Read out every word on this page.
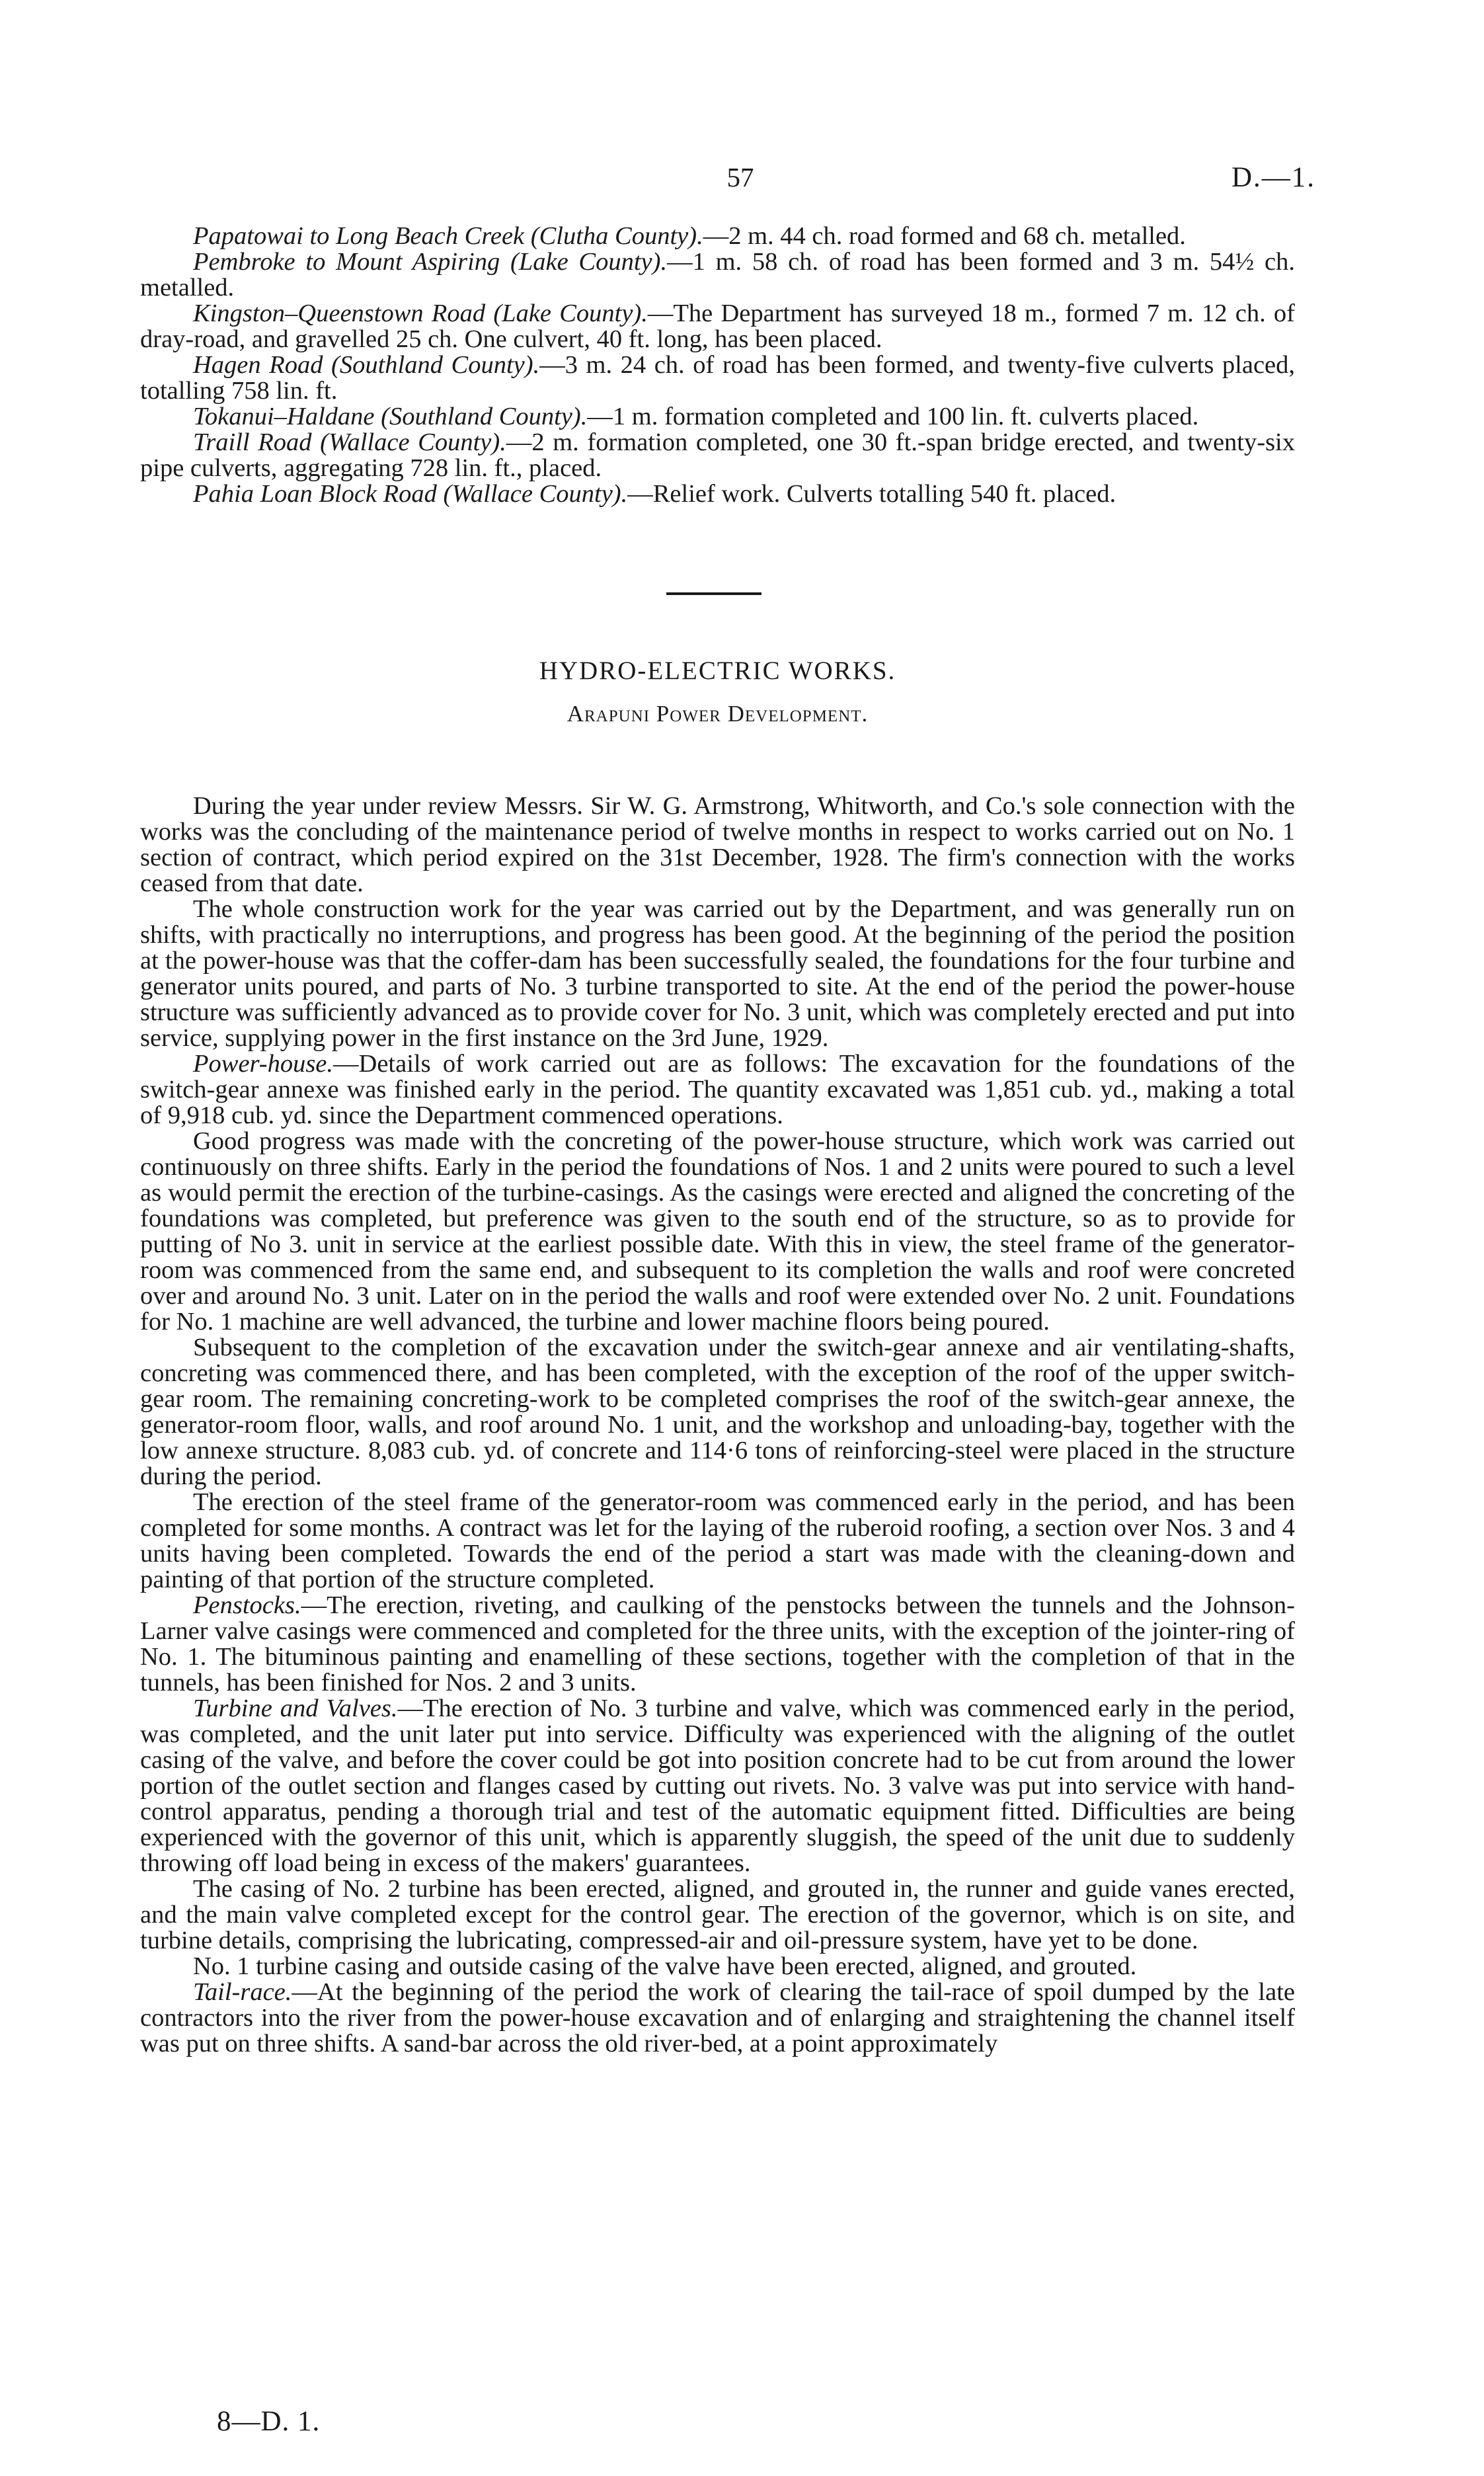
57	D.—1.

Papatowai to Long Beach Creek (Clutha County).—2 m. 44 ch. road formed and 68 ch. metalled.

Pembroke to Mount Aspiring (Lake County).—1 m. 58 ch. of road has been formed and 3 m. 54½ ch. metalled.

Kingston–Queenstown Road (Lake County).—The Department has surveyed 18 m., formed 7 m. 12 ch. of dray-road, and gravelled 25 ch. One culvert, 40 ft. long, has been placed.

Hagen Road (Southland County).—3 m. 24 ch. of road has been formed, and twenty-five culverts placed, totalling 758 lin. ft.

Tokanui–Haldane (Southland County).—1 m. formation completed and 100 lin. ft. culverts placed.

Traill Road (Wallace County).—2 m. formation completed, one 30 ft.-span bridge erected, and twenty-six pipe culverts, aggregating 728 lin. ft., placed.

Pahia Loan Block Road (Wallace County).—Relief work. Culverts totalling 540 ft. placed.

HYDRO-ELECTRIC WORKS.
Arapuni Power Development.

During the year under review Messrs. Sir W. G. Armstrong, Whitworth, and Co.'s sole connection with the works was the concluding of the maintenance period of twelve months in respect to works carried out on No. 1 section of contract, which period expired on the 31st December, 1928. The firm's connection with the works ceased from that date.

The whole construction work for the year was carried out by the Department, and was generally run on shifts, with practically no interruptions, and progress has been good. At the beginning of the period the position at the power-house was that the coffer-dam has been successfully sealed, the foundations for the four turbine and generator units poured, and parts of No. 3 turbine transported to site. At the end of the period the power-house structure was sufficiently advanced as to provide cover for No. 3 unit, which was completely erected and put into service, supplying power in the first instance on the 3rd June, 1929.

Power-house.—Details of work carried out are as follows: The excavation for the foundations of the switch-gear annexe was finished early in the period. The quantity excavated was 1,851 cub. yd., making a total of 9,918 cub. yd. since the Department commenced operations.

Good progress was made with the concreting of the power-house structure, which work was carried out continuously on three shifts. Early in the period the foundations of Nos. 1 and 2 units were poured to such a level as would permit the erection of the turbine-casings. As the casings were erected and aligned the concreting of the foundations was completed, but preference was given to the south end of the structure, so as to provide for putting of No 3. unit in service at the earliest possible date. With this in view, the steel frame of the generator-room was commenced from the same end, and subsequent to its completion the walls and roof were concreted over and around No. 3 unit. Later on in the period the walls and roof were extended over No. 2 unit. Foundations for No. 1 machine are well advanced, the turbine and lower machine floors being poured.

Subsequent to the completion of the excavation under the switch-gear annexe and air ventilating-shafts, concreting was commenced there, and has been completed, with the exception of the roof of the upper switch-gear room. The remaining concreting-work to be completed comprises the roof of the switch-gear annexe, the generator-room floor, walls, and roof around No. 1 unit, and the workshop and unloading-bay, together with the low annexe structure. 8,083 cub. yd. of concrete and 114·6 tons of reinforcing-steel were placed in the structure during the period.

The erection of the steel frame of the generator-room was commenced early in the period, and has been completed for some months. A contract was let for the laying of the ruberoid roofing, a section over Nos. 3 and 4 units having been completed. Towards the end of the period a start was made with the cleaning-down and painting of that portion of the structure completed.

Penstocks.—The erection, riveting, and caulking of the penstocks between the tunnels and the Johnson-Larner valve casings were commenced and completed for the three units, with the exception of the jointer-ring of No. 1. The bituminous painting and enamelling of these sections, together with the completion of that in the tunnels, has been finished for Nos. 2 and 3 units.

Turbine and Valves.—The erection of No. 3 turbine and valve, which was commenced early in the period, was completed, and the unit later put into service. Difficulty was experienced with the aligning of the outlet casing of the valve, and before the cover could be got into position concrete had to be cut from around the lower portion of the outlet section and flanges cased by cutting out rivets. No. 3 valve was put into service with hand-control apparatus, pending a thorough trial and test of the automatic equipment fitted. Difficulties are being experienced with the governor of this unit, which is apparently sluggish, the speed of the unit due to suddenly throwing off load being in excess of the makers' guarantees.

The casing of No. 2 turbine has been erected, aligned, and grouted in, the runner and guide vanes erected, and the main valve completed except for the control gear. The erection of the governor, which is on site, and turbine details, comprising the lubricating, compressed-air and oil-pressure system, have yet to be done.

No. 1 turbine casing and outside casing of the valve have been erected, aligned, and grouted.

Tail-race.—At the beginning of the period the work of clearing the tail-race of spoil dumped by the late contractors into the river from the power-house excavation and of enlarging and straightening the channel itself was put on three shifts. A sand-bar across the old river-bed, at a point approximately

8—D. 1.
